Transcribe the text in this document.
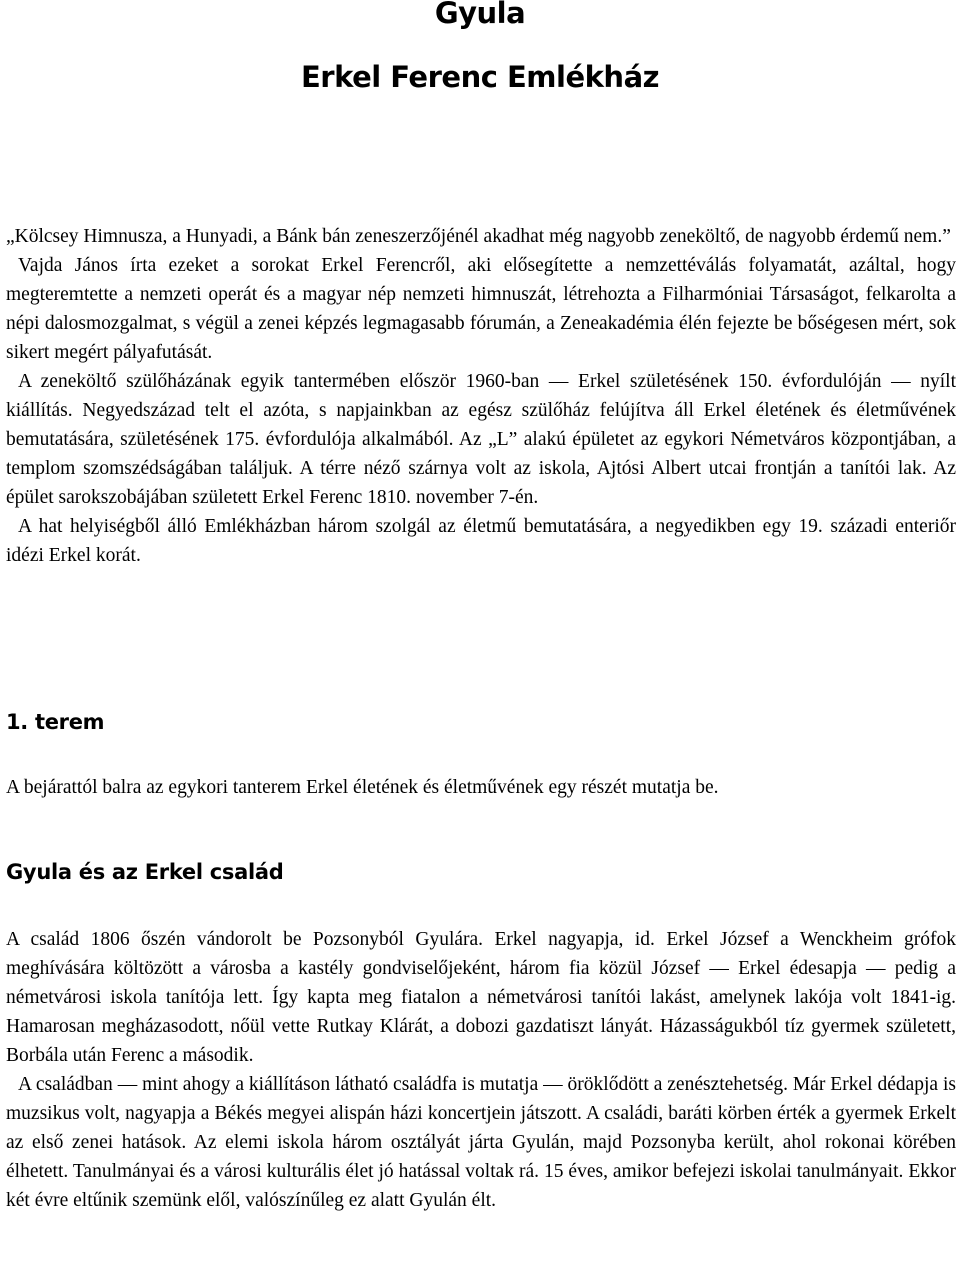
Gyula
Erkel Ferenc Emlékház

„Kölcsey Himnusza, a Hunyadi, a Bánk bán zeneszerzőjénél akadhat még nagyobb zeneköltő, de nagyobb érdemű nem.”

Vajda János írta ezeket a sorokat Erkel Ferencről, aki elősegítette a nemzettéválás folyamatát, azáltal, hogy megteremtette a nemzeti operát és a magyar nép nemzeti himnuszát, létrehozta a Filharmóniai Társaságot, felkarolta a népi dalosmozgalmat, s végül a zenei képzés legmagasabb fórumán, a Zeneakadémia élén fejezte be bőségesen mért, sok sikert megért pályafutását.

A zeneköltő szülőházának egyik tantermében először 1960-ban — Erkel születésének 150. évfordulóján — nyílt kiállítás. Negyedszázad telt el azóta, s napjainkban az egész szülőház felújítva áll Erkel életének és életművének bemutatására, születésének 175. évfordulója alkalmából. Az „L” alakú épületet az egykori Németváros központjában, a templom szomszédságában találjuk. A térre néző szárnya volt az iskola, Ajtósi Albert utcai frontján a tanítói lak. Az épület sarokszobájában született Erkel Ferenc 1810. november 7-én.

A hat helyiségből álló Emlékházban három szolgál az életmű bemutatására, a negyedikben egy 19. századi enteriőr idézi Erkel korát.

1. terem

A bejárattól balra az egykori tanterem Erkel életének és életművének egy részét mutatja be.

Gyula és az Erkel család

A család 1806 őszén vándorolt be Pozsonyból Gyulára. Erkel nagyapja, id. Erkel József a Wenckheim grófok meghívására költözött a városba a kastély gondviselőjeként, három fia közül József — Erkel édesapja — pedig a németvárosi iskola tanítója lett. Így kapta meg fiatalon a németvárosi tanítói lakást, amelynek lakója volt 1841-ig. Hamarosan megházasodott, nőül vette Rutkay Klárát, a dobozi gazdatiszt lányát. Házasságukból tíz gyermek született, Borbála után Ferenc a második.

A családban — mint ahogy a kiállításon látható családfa is mutatja — öröklődött a zenésztehetség. Már Erkel dédapja is muzsikus volt, nagyapja a Békés megyei alispán házi koncertjein játszott. A családi, baráti körben érték a gyermek Erkelt az első zenei hatások. Az elemi iskola három osztályát járta Gyulán, majd Pozsonyba került, ahol rokonai körében élhetett. Tanulmányai és a városi kulturális élet jó hatással voltak rá. 15 éves, amikor befejezi iskolai tanulmányait. Ekkor két évre eltűnik szemünk elől, valószínűleg ez alatt Gyulán élt.
